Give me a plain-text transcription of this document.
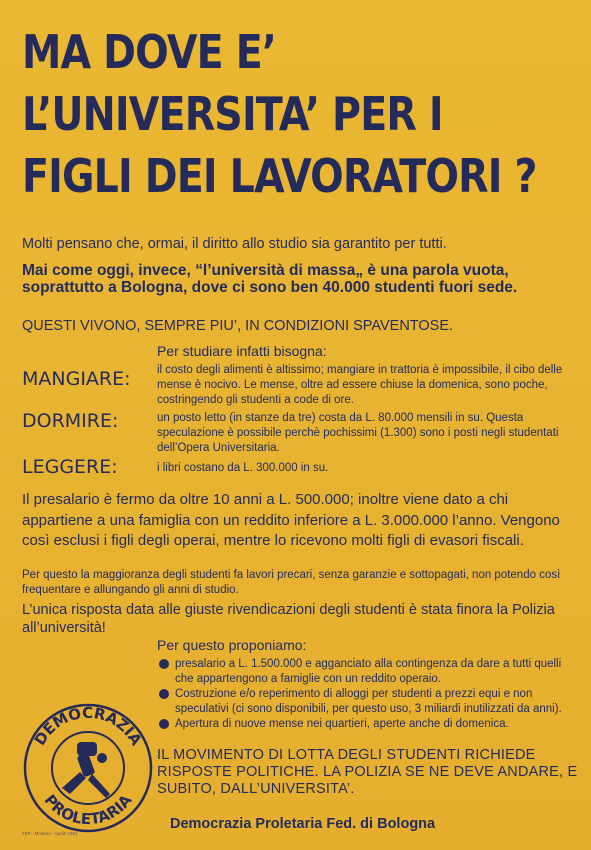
MA DOVE E’
L’UNIVERSITA’ PER I
FIGLI DEI LAVORATORI ?
Molti pensano che, ormai, il diritto allo studio sia garantito per tutti.
Mai come oggi, invece, “l’università di massa„ è una parola vuota, soprattutto a Bologna, dove ci sono ben 40.000 studenti fuori sede.
QUESTI VIVONO, SEMPRE PIU’, IN CONDIZIONI SPAVENTOSE.
Per studiare infatti bisogna:
MANGIARE: il costo degli alimenti è altissimo; mangiare in trattoria è impossibile, il cibo delle mense è nocivo. Le mense, oltre ad essere chiuse la domenica, sono poche, costringendo gli studenti a code di ore.
DORMIRE:	un posto letto (in stanze da tre) costa da L. 80.000 mensili in su. Questa speculazione è possibile perchè pochissimi (1.300) sono i posti negli studentati dell’Opera Universitaria.
LEGGERE:	i libri costano da L. 300.000 in su.
Il presalario è fermo da oltre 10 anni a L. 500.000; inoltre viene dato a chi appartiene a una famiglia con un reddito inferiore a L. 3.000.000 l’anno. Vengono così esclusi i figli degli operai, mentre lo ricevono molti figli di evasori fiscali.
Per questo la maggioranza degli studenti fa lavori precari, senza garanzie e sottopagati, non potendo così frequentare e allungando gli anni di studio.
L’unica risposta data alle giuste rivendicazioni degli studenti è stata finora la Polizia all’università!
Per questo proponiamo:
presalario a L. 1.500.000 e agganciato alla contingenza da dare a tutti quelli che appartengono a famiglie con un reddito operaio.
Costruzione e/o reperimento di alloggi per studenti a prezzi equi e non speculativi (ci sono disponibili, per questo uso, 3 miliardi inutilizzati da anni).
Apertura di nuove mense nei quartieri, aperte anche di domenica.
IL MOVIMENTO DI LOTTA DEGLI STUDENTI RICHIEDE RISPOSTE POLITICHE. LA POLIZIA SE NE DEVE ANDARE, E SUBITO, DALL’UNIVERSITA’.
DEMOCRAZIA
PROLETARIA
Democrazia Proletaria Fed. di Bologna
TEP · Modena · Aprile 1981
